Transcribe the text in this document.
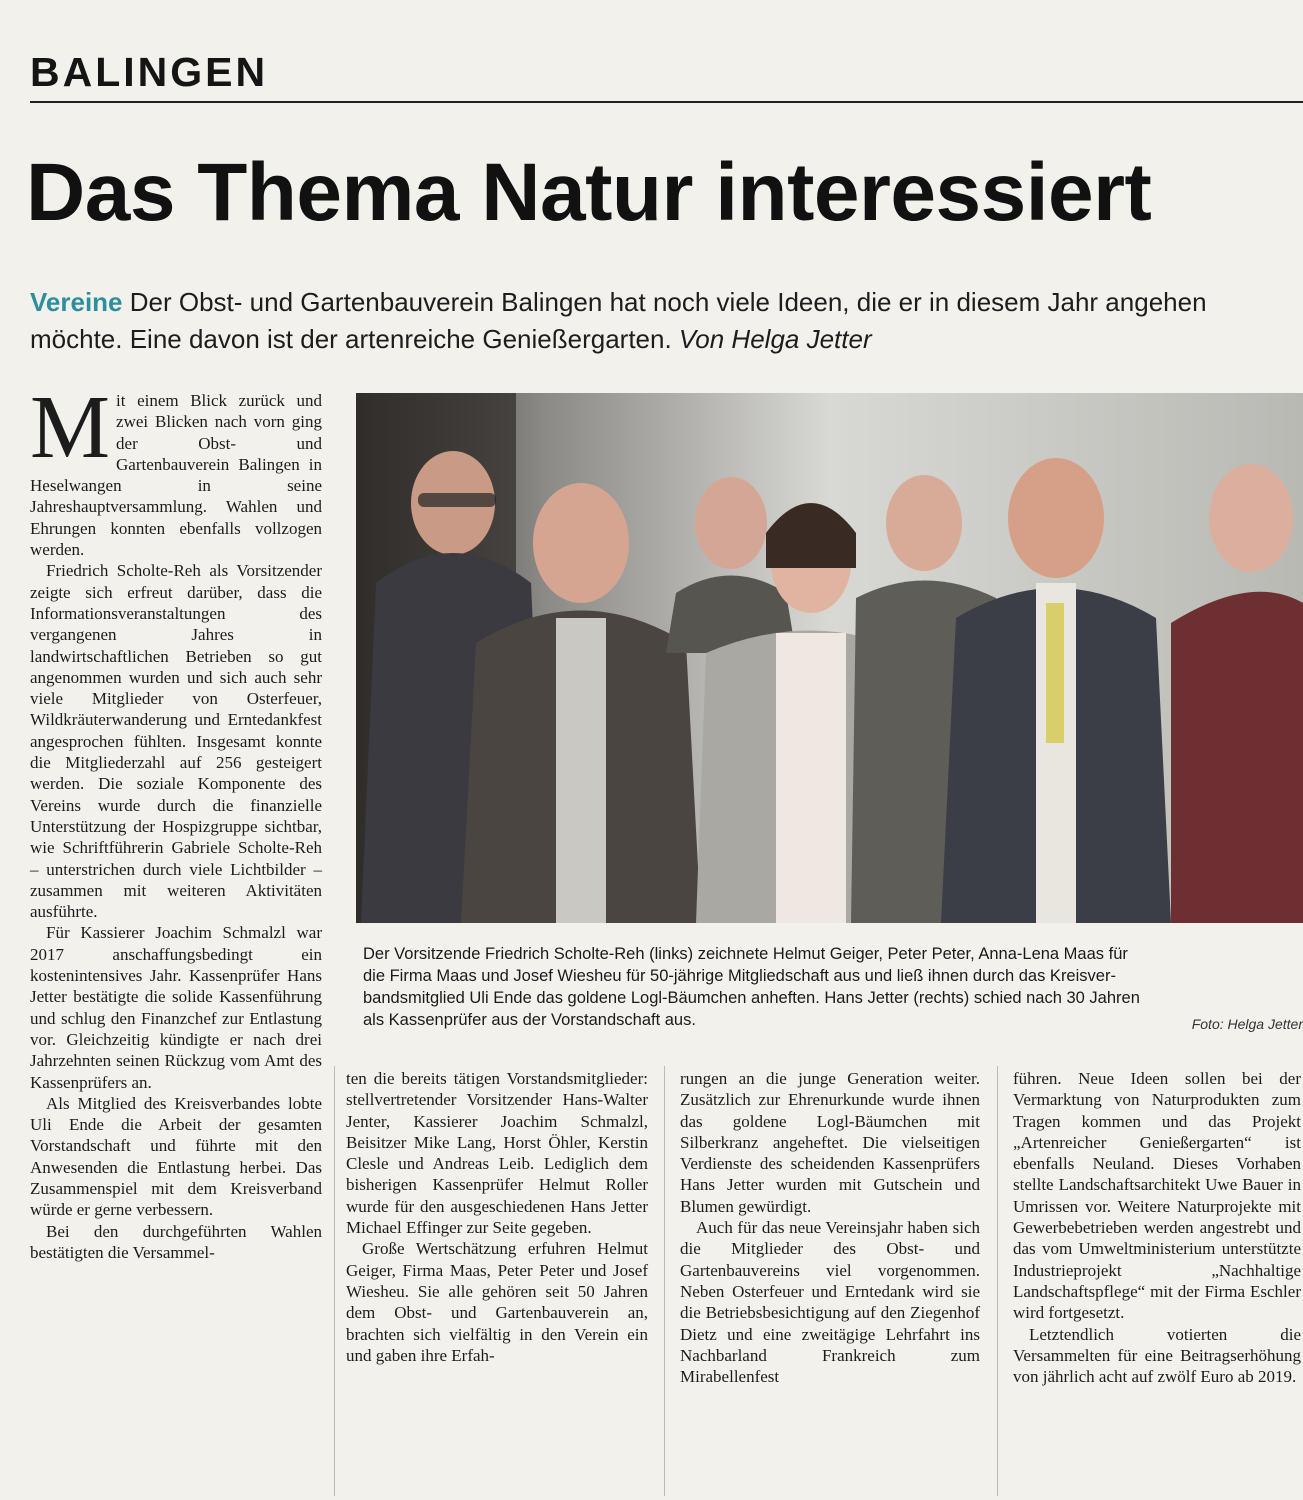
BALINGEN
Das Thema Natur interessiert
Vereine Der Obst- und Gartenbauverein Balingen hat noch viele Ideen, die er in diesem Jahr angehen möchte. Eine davon ist der artenreiche Genießergarten. Von Helga Jetter

Mit einem Blick zurück und zwei Blicken nach vorn ging der Obst- und Gartenbauverein Balingen in Heselwangen in seine Jahreshauptversammlung. Wahlen und Ehrungen konnten ebenfalls vollzogen werden.

Friedrich Scholte-Reh als Vorsitzender zeigte sich erfreut darüber, dass die Informationsveranstaltungen des vergangenen Jahres in landwirtschaftlichen Betrieben so gut angenommen wurden und sich auch sehr viele Mitglieder von Osterfeuer, Wildkräuterwanderung und Erntedankfest angesprochen fühlten. Insgesamt konnte die Mitgliederzahl auf 256 gesteigert werden. Die soziale Komponente des Vereins wurde durch die finanzielle Unterstützung der Hospizgruppe sichtbar, wie Schriftführerin Gabriele Scholte-Reh – unterstrichen durch viele Lichtbilder – zusammen mit weiteren Aktivitäten ausführte.

Für Kassierer Joachim Schmalzl war 2017 anschaffungsbedingt ein kostenintensives Jahr. Kassenprüfer Hans Jetter bestätigte die solide Kassenführung und schlug den Finanzchef zur Entlastung vor. Gleichzeitig kündigte er nach drei Jahrzehnten seinen Rückzug vom Amt des Kassenprüfers an.

Als Mitglied des Kreisverbandes lobte Uli Ende die Arbeit der gesamten Vorstandschaft und führte mit den Anwesenden die Entlastung herbei. Das Zusammenspiel mit dem Kreisverband würde er gerne verbessern.

Bei den durchgeführten Wahlen bestätigten die Versammel-

Der Vorsitzende Friedrich Scholte-Reh (links) zeichnete Helmut Geiger, Peter Peter, Anna-Lena Maas für
die Firma Maas und Josef Wiesheu für 50-jährige Mitgliedschaft aus und ließ ihnen durch das Kreisver-
bandsmitglied Uli Ende das goldene Logl-Bäumchen anheften. Hans Jetter (rechts) schied nach 30 Jahren
als Kassenprüfer aus der Vorstandschaft aus.	Foto: Helga Jetter

ten die bereits tätigen Vorstandsmitglieder: stellvertretender Vorsitzender Hans-Walter Jenter, Kassierer Joachim Schmalzl, Beisitzer Mike Lang, Horst Öhler, Kerstin Clesle und Andreas Leib. Lediglich dem bisherigen Kassenprüfer Helmut Roller wurde für den ausgeschiedenen Hans Jetter Michael Effinger zur Seite gegeben.

Große Wertschätzung erfuhren Helmut Geiger, Firma Maas, Peter Peter und Josef Wiesheu. Sie alle gehören seit 50 Jahren dem Obst- und Gartenbauverein an, brachten sich vielfältig in den Verein ein und gaben ihre Erfah-

rungen an die junge Generation weiter. Zusätzlich zur Ehrenurkunde wurde ihnen das goldene Logl-Bäumchen mit Silberkranz angeheftet. Die vielseitigen Verdienste des scheidenden Kassenprüfers Hans Jetter wurden mit Gutschein und Blumen gewürdigt.

Auch für das neue Vereinsjahr haben sich die Mitglieder des Obst- und Gartenbauvereins viel vorgenommen. Neben Osterfeuer und Erntedank wird sie die Betriebsbesichtigung auf den Ziegenhof Dietz und eine zweitägige Lehrfahrt ins Nachbarland Frankreich zum Mirabellenfest

führen. Neue Ideen sollen bei der Vermarktung von Naturprodukten zum Tragen kommen und das Projekt „Artenreicher Genießergarten“ ist ebenfalls Neuland. Dieses Vorhaben stellte Landschaftsarchitekt Uwe Bauer in Umrissen vor. Weitere Naturprojekte mit Gewerbebetrieben werden angestrebt und das vom Umweltministerium unterstützte Industrieprojekt „Nachhaltige Landschaftspflege“ mit der Firma Eschler wird fortgesetzt.

Letztendlich votierten die Versammelten für eine Beitragserhöhung von jährlich acht auf zwölf Euro ab 2019.
